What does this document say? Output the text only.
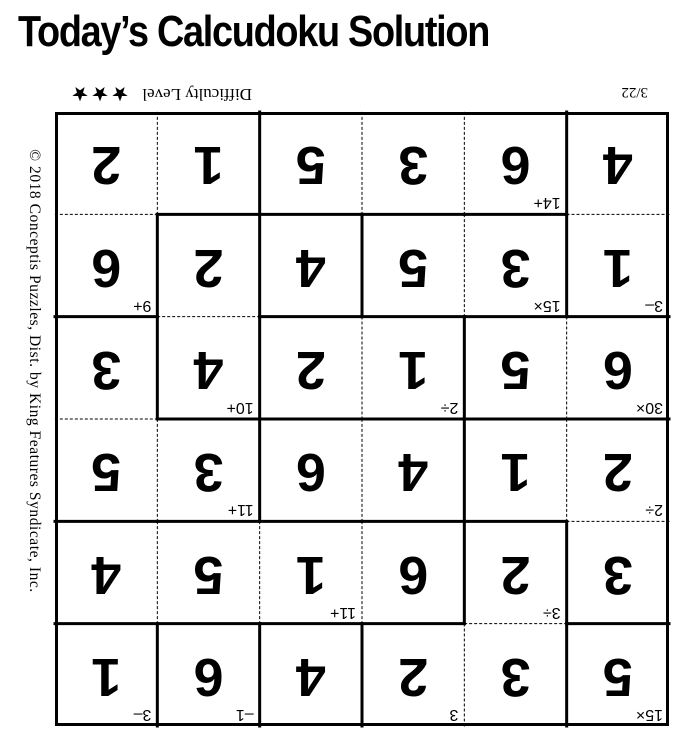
Today’s Calcudoku Solution
3/22
Difficulty Level
© 2018 Conceptis Puzzles, Dist. by King Features Syndicate, Inc.
15×
5
3
3
2
4
–1
6
3–
1
3
3÷
2
6
11+
1
5
4
2÷
2
1
4
6
11+
3
5
30×
6
5
2÷
1
2
10+
4
3
3–
1
15×
3
5
4
2
9+
6
4
14+
6
3
5
1
2
